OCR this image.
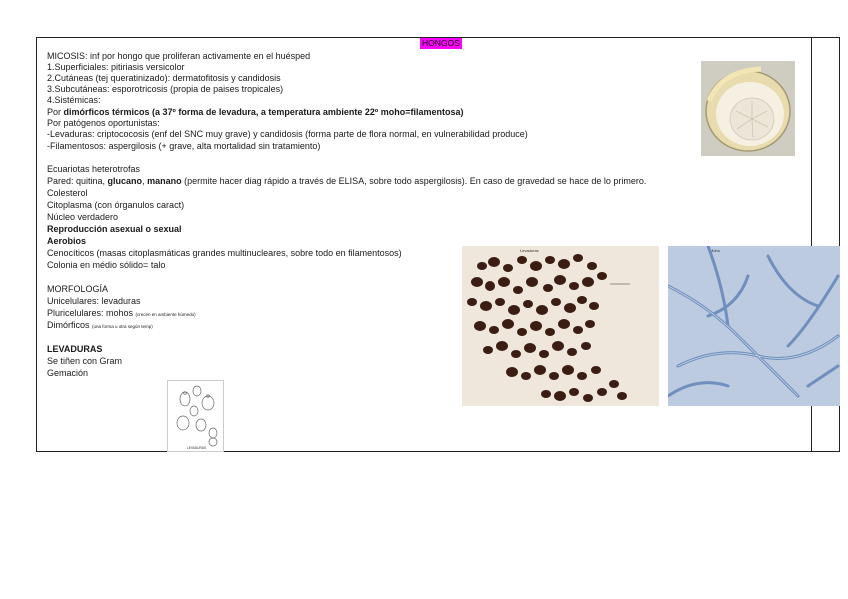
HONGOS
MICOSIS: inf por hongo que proliferan activamente en el huésped
1.Superficiales: pitiriasis versicolor
2.Cutáneas (tej queratinizado): dermatofitosis y candidosis
3.Subcutáneas: esporotricosis (propia de paises tropicales)
4.Sistémicas:
Por dimórficos térmicos (a 37º forma de levadura, a temperatura ambiente 22º moho=filamentosa)
Por patógenos oportunistas:
-Levaduras: criptococosis (enf del SNC muy grave) y candidosis (forma parte de flora normal, en vulnerabilidad produce)
-Filamentosos: aspergilosis (+ grave, alta mortalidad sin tratamiento)
Ecuariotas heterotrofas
Pared: quitina, glucano, manano (permite hacer diag rápido a través de ELISA, sobre todo aspergilosis). En caso de gravedad se hace de lo primero.
Colesterol
Citoplasma (con órganulos caract)
Núcleo verdadero
Reproducción asexual o sexual
Aerobios
Cenocíticos (masas citoplasmáticas grandes multinucleares, sobre todo en filamentosos)
Colonia en médio sólido= talo
MORFOLOGÍA
Unicelulares: levaduras
Pluricelulares: mohos (crecen en ambiente húmedo)
Dimórficos (una forma u otra según temp)
LEVADURAS
Se tiñen con Gram
Gemación
Levaduras	Moho
LEVADURAS
